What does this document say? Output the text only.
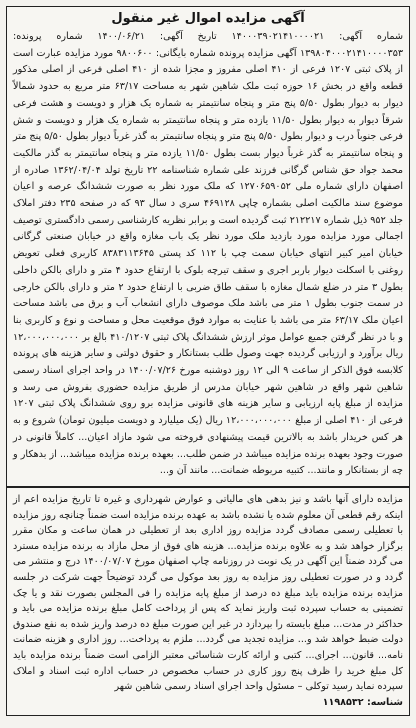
آگهی مزایده اموال غیر منقول
شماره آگهی: ۱۴۰۰۰۳۹۰۲۱۴۱۰۰۰۰۲۱ تاریخ آگهی: ۱۴۰۰/۰۶/۲۱ شماره پرونده: ۱۳۹۸۰۴۰۰۰۲۱۴۱۰۰۰۰۳۵۳ آگهی مزایده پرونده شماره بایگانی: ۹۸۰۰۶۰۰ مورد مزایده عبارت است از پلاک ثبتی ۱۲۰۷ فرعی از ۴۱۰ اصلی مفروز و مجزا شده از ۴۱۰ اصلی فرعی از اصلی مذکور قطعه واقع در بخش ۱۶ حوزه ثبت ملک شاهین شهر به مساحت ۶۳/۱۷ متر مربع به حدود شمالاً دیوار به دیوار بطول ۵/۵۰ پنج متر و پنجاه سانتیمتر به شماره یک هزار و دویست و هشت فرعی شرقاً دیوار به دیوار بطول ۱۱/۵۰ یازده متر و پنجاه سانتیمتر به شماره یک هزار و دویست و شش فرعی جنوباً درب و دیوار بطول ۵/۵۰ پنج متر و پنجاه سانتیمتر به گذر غرباً دیوار بطول ۵/۵۰ پنج متر و پنجاه سانتیمتر به گذر غرباً دیوار بست بطول ۱۱/۵۰ یازده متر و پنجاه سانتیمتر به گذر مالکیت محمد جواد حق شناس گرگانی فرزند علی شماره شناسنامه ۲۲ تاریخ تولد ۱۳۶۲/۰۴/۰۴ صادره از اصفهان دارای شماره ملی ۱۲۷۰۶۵۹۰۵۲ که ملک مورد نظر به صورت ششدانگ عرصه و اعیان موضوع سند مالکیت اصلی بشماره چاپی ۴۶۹۱۲۸ سری د سال ۹۳ که در صفحه ۲۳۵ دفتر املاک جلد ۹۵۲ ذیل شماره ۲۱۲۲۱۷ ثبت گردیده است و برابر نظریه کارشناسی رسمی دادگستری توصیف اجمالی مورد مزایده مورد بازدید ملک مورد نظر یک باب مغازه واقع در خیابان صنعتی گرگانی خیابان امیر کبیر انتهای خیابان سمت چپ با ۱۱۲ کد پستی ۸۳۸۳۱۱۳۶۴۵ کاربری فعلی تعویض روغنی با اسکلت دیوار باربر اجری و سقف تیرچه بلوک با ارتفاع حدود ۴ متر و دارای بالکن داخلی بطول ۳ متر در ضلع شمال مغازه با سقف طاق ضربی با ارتفاع حدود ۲ متر و دارای بالکن خارجی در سمت جنوب بطول ۱ متر می باشد ملک موصوف دارای انشعاب آب و برق می باشد مساحت اعیان ملک ۶۳/۱۷ متر می باشد با عنایت به موارد فوق موقعیت محل و مساحت و نوع و کاربری بنا و با در نظر گرفتن جمیع عوامل موثر ارزش ششدانگ پلاک ثبتی ۴۱۰/۱۲۰۷ بالغ بر ۱۲،۰۰۰،۰۰۰،۰۰۰ ریال برآورد و ارزیابی گردیده جهت وصول طلب بستانکار و حقوق دولتی و سایر هزینه های پرونده کلابسه فوق الذکر از ساعت ۹ الی ۱۲ روز دوشنبه مورخ ۱۴۰۰/۰۷/۲۶ در واحد اجرای اسناد رسمی شاهین شهر واقع در شاهین شهر خیابان مدرس از طریق مزایده حضوری بفروش می رسد و مزایده از مبلغ پایه ارزیابی و سایر هزینه های قانونی مزایده برو روی ششدانگ پلاک ثبتی ۱۲۰۷ فرعی از ۴۱۰ اصلی از مبلغ ۱۲،۰۰۰،۰۰۰،۰۰۰ ریال (یک میلیارد و دویست میلیون تومان) شروع و به هر کس خریدار باشد به بالاترین قیمت پیشنهادی فروخته می شود مازاد اعیان... کاملاً قانونی در صورت وجود بعهده برنده مزایده میباشد در ضمن طلب... بعهده برنده مزایده میباشد... از بدهکار و چه از بستانکار و مانند... کتبیه مربوطه ضمانت... مانند آن و...
مزایده دارای آنها باشد و نیز بدهی های مالیاتی و عوارض شهرداری و غیره تا تاریخ مزایده اعم از اینکه رقم قطعی آن معلوم شده یا نشده باشد به عهده برنده مزایده است ضمناً چنانچه روز مزایده با تعطیلی رسمی مصادف گردد مزایده روز اداری بعد از تعطیلی در همان ساعت و مکان مقرر برگزار خواهد شد و به علاوه برنده مزایده... هزینه های فوق از محل مازاد به برنده مزایده مسترد می گردد ضمناً این آگهی در یک نوبت در روزنامه چاپ اصفهان مورخ ۱۴۰۰/۰۷/۰۷ درج و منتشر می گردد و در صورت تعطیلی روز مزایده به روز بعد موکول می گردد توضیحاً جهت شرکت در جلسه مزایده برنده مزایده باید مبلغ ده درصد از مبلغ پایه مزایده را فی المجلس بصورت نقد و یا چک تضمینی به حساب سپرده ثبت واریز نماید که پس از پرداخت کامل مبلغ برنده مزایده می باید و حداکثر در مدت... مبلغ بایسته را بپردازد در غیر این صورت مبلغ ده درصد واریز شده به نفع صندوق دولت ضبط خواهد شد و... مزایده تجدید می گردد... ملزم به پرداخت... روز اداری و هزینه ضمانت نامه... قانون... اجرای... کتبی و ارائه کارت شناسائی معتبر الزامی است ضمناً برنده مزایده باید کل مبلغ خرید را ظرف پنج روز کاری در حساب مخصوص در حساب اداره ثبت اسناد و املاک سپرده نماید رسید توکلی – مسئول واحد اجرای اسناد رسمی شاهین شهر
شناسه: ۱۱۹۸۵۳۲
